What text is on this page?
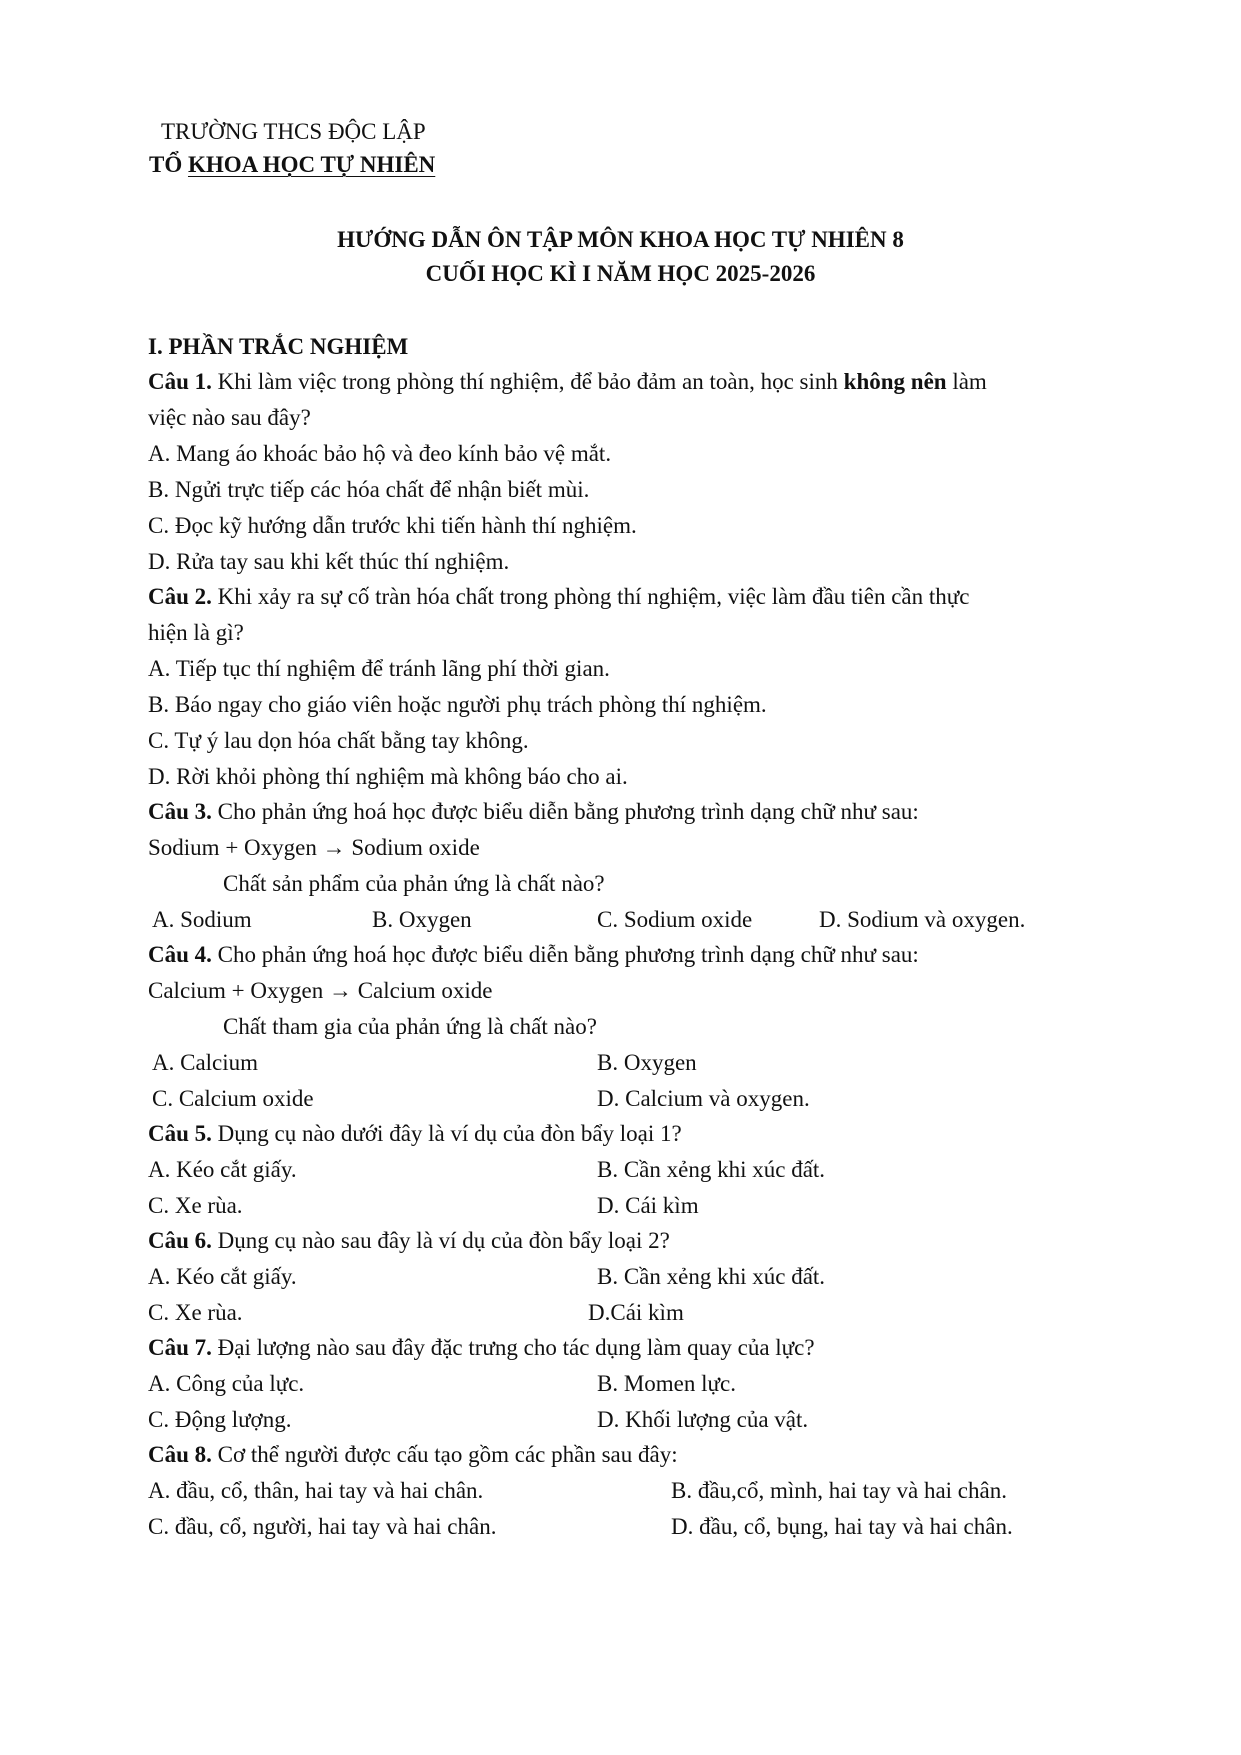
TRƯỜNG THCS ĐỘC LẬP
TỔ KHOA HỌC TỰ NHIÊN
HƯỚNG DẪN ÔN TẬP MÔN KHOA HỌC TỰ NHIÊN 8
CUỐI HỌC KÌ I NĂM HỌC 2025-2026
I. PHẦN TRẮC NGHIỆM
Câu 1. Khi làm việc trong phòng thí nghiệm, để bảo đảm an toàn, học sinh không nên làm
việc nào sau đây?
A. Mang áo khoác bảo hộ và đeo kính bảo vệ mắt.
B. Ngửi trực tiếp các hóa chất để nhận biết mùi.
C. Đọc kỹ hướng dẫn trước khi tiến hành thí nghiệm.
D. Rửa tay sau khi kết thúc thí nghiệm.
Câu 2. Khi xảy ra sự cố tràn hóa chất trong phòng thí nghiệm, việc làm đầu tiên cần thực
hiện là gì?
A. Tiếp tục thí nghiệm để tránh lãng phí thời gian.
B. Báo ngay cho giáo viên hoặc người phụ trách phòng thí nghiệm.
C. Tự ý lau dọn hóa chất bằng tay không.
D. Rời khỏi phòng thí nghiệm mà không báo cho ai.
Câu 3. Cho phản ứng hoá học được biểu diễn bằng phương trình dạng chữ như sau:
Sodium + Oxygen → Sodium oxide
Chất sản phẩm của phản ứng là chất nào?
A. Sodium	B. Oxygen	C. Sodium oxide	D. Sodium và oxygen.
Câu 4. Cho phản ứng hoá học được biểu diễn bằng phương trình dạng chữ như sau:
Calcium + Oxygen → Calcium oxide
Chất tham gia của phản ứng là chất nào?
A. Calcium	B. Oxygen
C. Calcium oxide	D. Calcium và oxygen.
Câu 5. Dụng cụ nào dưới đây là ví dụ của đòn bẩy loại 1?
A. Kéo cắt giấy.	B. Cần xẻng khi xúc đất.
C. Xe rùa.	D. Cái kìm
Câu 6. Dụng cụ nào sau đây là ví dụ của đòn bẩy loại 2?
A. Kéo cắt giấy.	B. Cần xẻng khi xúc đất.
C. Xe rùa.	D.Cái kìm
Câu 7. Đại lượng nào sau đây đặc trưng cho tác dụng làm quay của lực?
A. Công của lực.	B. Momen lực.
C. Động lượng.	D. Khối lượng của vật.
Câu 8. Cơ thể người được cấu tạo gồm các phần sau đây:
A. đầu, cổ, thân, hai tay và hai chân.	B. đầu,cổ, mình, hai tay và hai chân.
C. đầu, cổ, người, hai tay và hai chân.	D. đầu, cổ, bụng, hai tay và hai chân.
